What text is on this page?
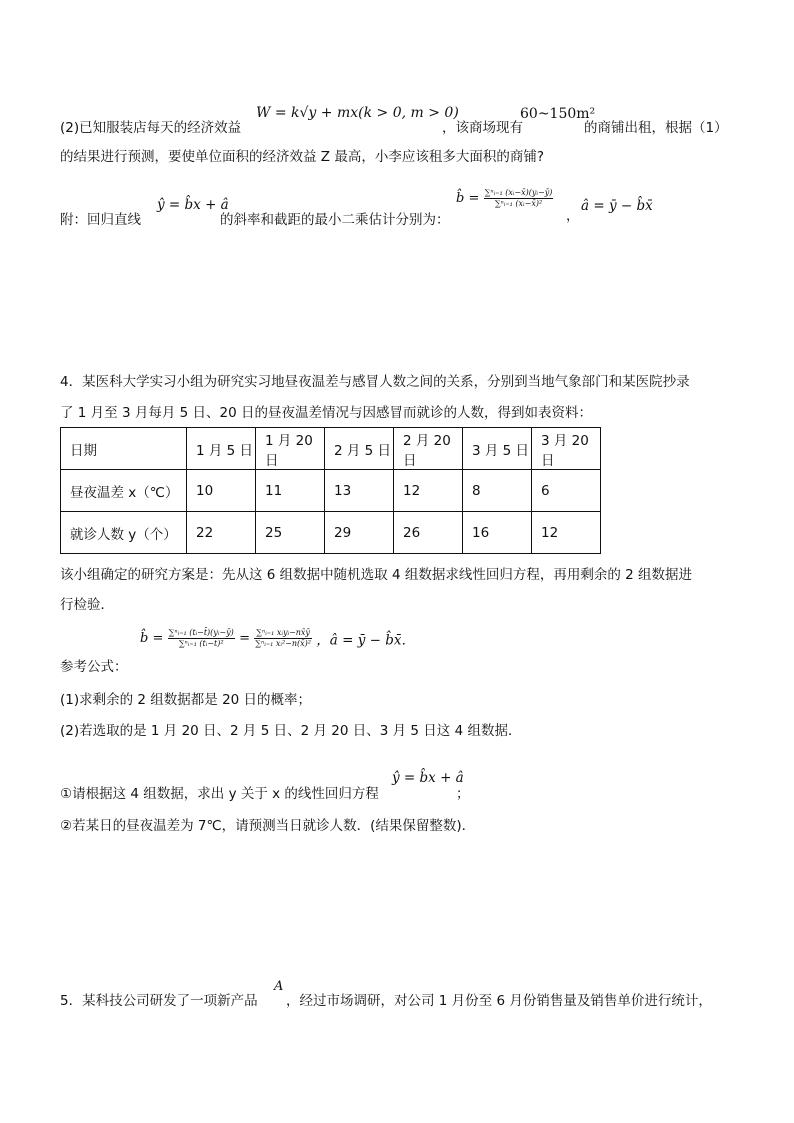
(2)已知服装店每天的经济效益
W = k√y + mx(k > 0, m > 0)
，该商场现有
60~150m²
的商铺出租，根据（1）
的结果进行预测，要使单位面积的经济效益 Z 最高，小李应该租多大面积的商铺?
附：回归直线
ŷ = b̂x + â
的斜率和截距的最小二乘估计分别为：
b̂ = $\frac{\text{∑ⁿᵢ₌₁ (xᵢ−x̄)(yᵢ−ȳ)}}{\text{∑ⁿᵢ₌₁ (xᵢ−x̄)²}}$
，
â = ȳ − b̂x̄
4．某医科大学实习小组为研究实习地昼夜温差与感冒人数之间的关系，分别到当地气象部门和某医院抄录
了 1 月至 3 月每月 5 日、20 日的昼夜温差情况与因感冒而就诊的人数，得到如表资料：
日期	1 月 5 日	1 月 20 日	2 月 5 日	2 月 20 日	3 月 5 日	3 月 20 日
昼夜温差 x（℃）	10	11	13	12	8	6
就诊人数 y（个）	22	25	29	26	16	12
该小组确定的研究方案是：先从这 6 组数据中随机选取 4 组数据求线性回归方程，再用剩余的 2 组数据进
行检验．
参考公式：
b̂ = $\frac{\text{∑ⁿᵢ₌₁ (tᵢ−t̄)(yᵢ−ȳ)}}{\text{∑ⁿᵢ₌₁ (tᵢ−t̄)²}} = \frac{\text{∑ⁿᵢ₌₁ xᵢyᵢ−nx̄ȳ}}{\text{∑ⁿᵢ₌₁ xᵢ²−n(x̄)²}}$ ，â = ȳ − b̂x̄．
(1)求剩余的 2 组数据都是 20 日的概率；
(2)若选取的是 1 月 20 日、2 月 5 日、2 月 20 日、3 月 5 日这 4 组数据．
①请根据这 4 组数据，求出 y 关于 x 的线性回归方程
ŷ = b̂x + â
；
②若某日的昼夜温差为 7℃，请预测当日就诊人数．(结果保留整数)．
5．某科技公司研发了一项新产品
A
，经过市场调研，对公司 1 月份至 6 月份销售量及销售单价进行统计，
